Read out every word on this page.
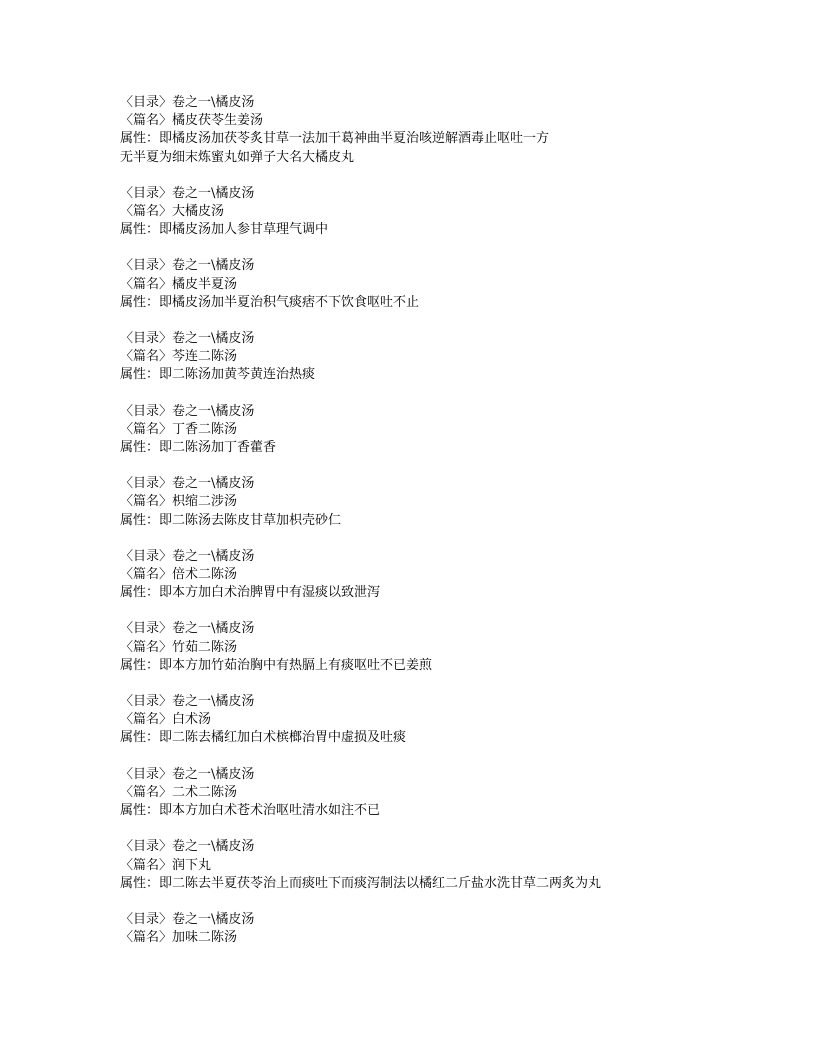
〈目录〉卷之一\橘皮汤
〈篇名〉橘皮茯苓生姜汤
属性：即橘皮汤加茯苓炙甘草一法加干葛神曲半夏治咳逆解酒毒止呕吐一方
无半夏为细末炼蜜丸如弹子大名大橘皮丸
〈目录〉卷之一\橘皮汤
〈篇名〉大橘皮汤
属性：即橘皮汤加人参甘草理气调中
〈目录〉卷之一\橘皮汤
〈篇名〉橘皮半夏汤
属性：即橘皮汤加半夏治积气痰痞不下饮食呕吐不止
〈目录〉卷之一\橘皮汤
〈篇名〉芩连二陈汤
属性：即二陈汤加黄芩黄连治热痰
〈目录〉卷之一\橘皮汤
〈篇名〉丁香二陈汤
属性：即二陈汤加丁香藿香
〈目录〉卷之一\橘皮汤
〈篇名〉枳缩二涉汤
属性：即二陈汤去陈皮甘草加枳壳砂仁
〈目录〉卷之一\橘皮汤
〈篇名〉倍术二陈汤
属性：即本方加白术治脾胃中有湿痰以致泄泻
〈目录〉卷之一\橘皮汤
〈篇名〉竹茹二陈汤
属性：即本方加竹茹治胸中有热膈上有痰呕吐不已姜煎
〈目录〉卷之一\橘皮汤
〈篇名〉白术汤
属性：即二陈去橘红加白术槟榔治胃中虚损及吐痰
〈目录〉卷之一\橘皮汤
〈篇名〉二术二陈汤
属性：即本方加白术苍术治呕吐清水如注不已
〈目录〉卷之一\橘皮汤
〈篇名〉润下丸
属性：即二陈去半夏茯苓治上而痰吐下而痰泻制法以橘红二斤盐水洗甘草二两炙为丸
〈目录〉卷之一\橘皮汤
〈篇名〉加味二陈汤
